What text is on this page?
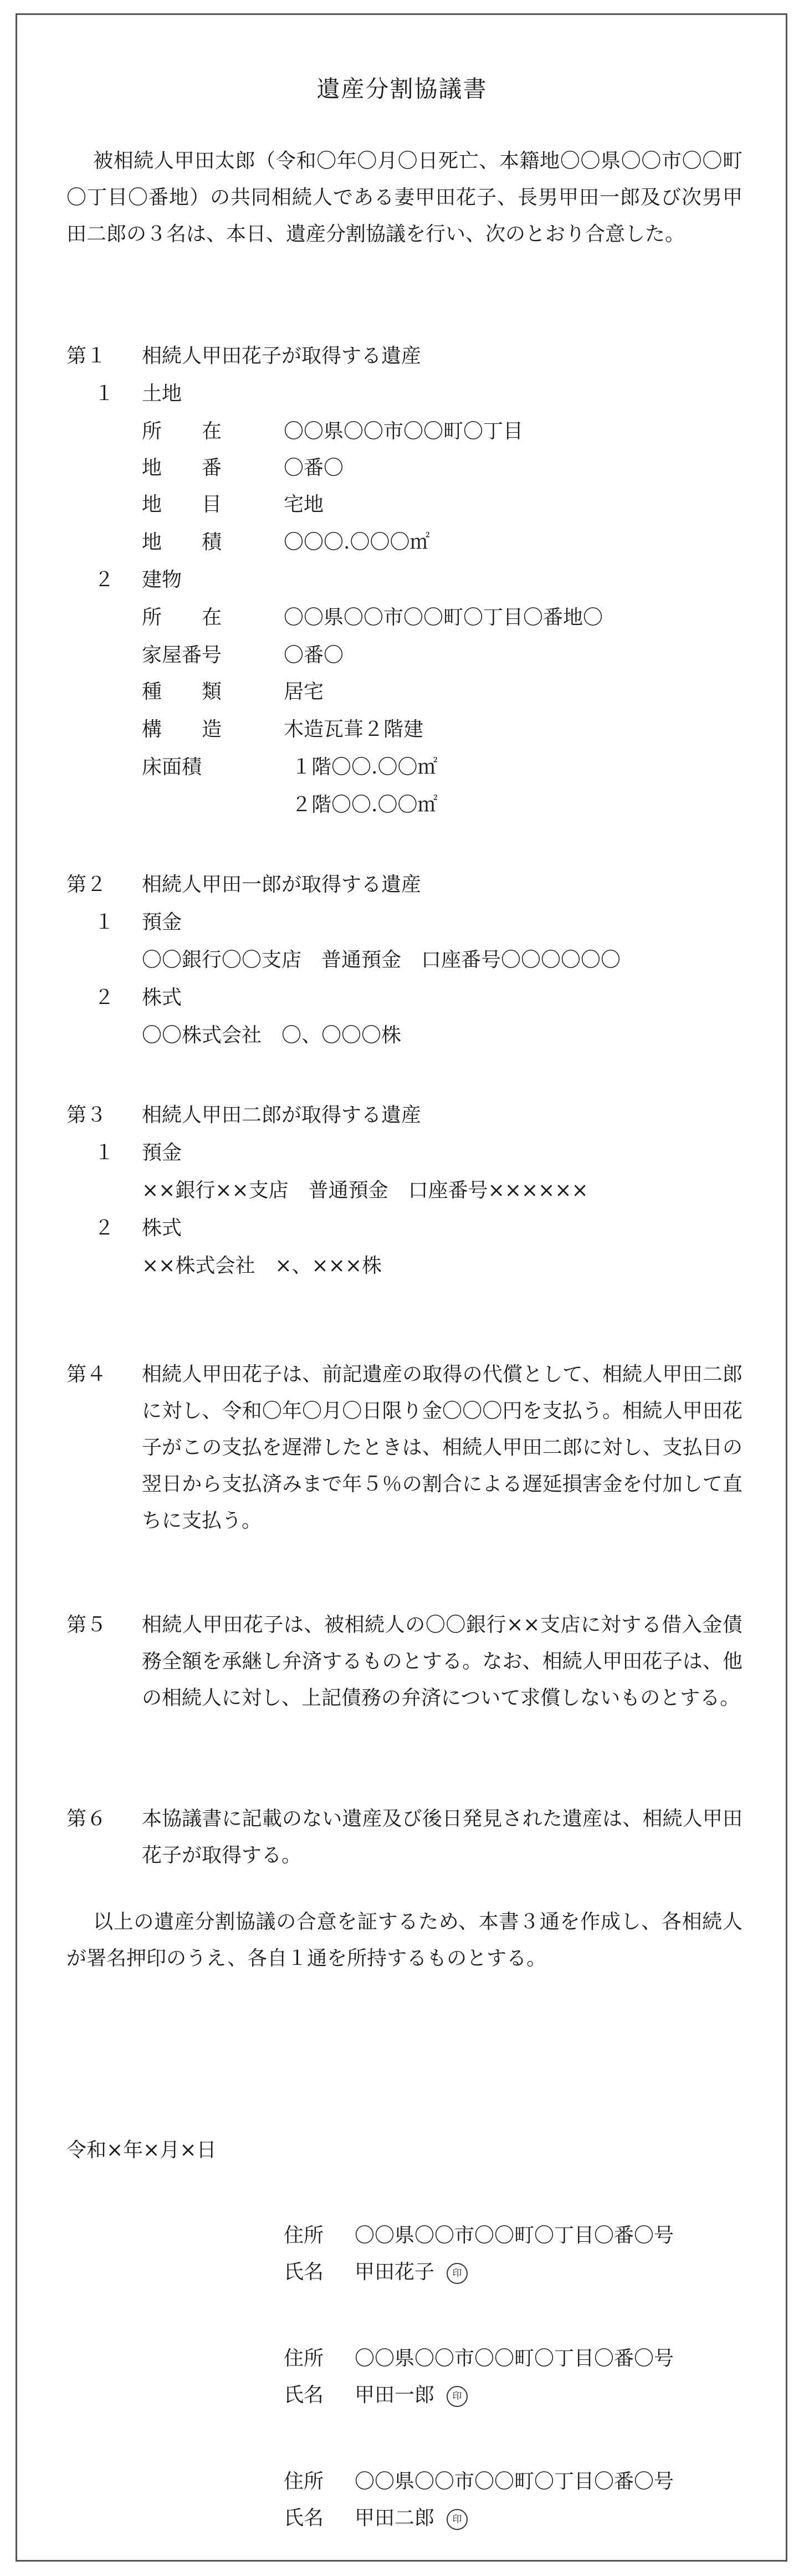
遺産分割協議書

被相続人甲田太郎（令和〇年〇月〇日死亡、本籍地〇〇県〇〇市〇〇町〇丁目〇番地）の共同相続人である妻甲田花子、長男甲田一郎及び次男甲田二郎の３名は、本日、遺産分割協議を行い、次のとおり合意した。

第１ 相続人甲田花子が取得する遺産
１ 土地
所　　在	〇〇県〇〇市〇〇町〇丁目
地　　番	〇番〇
地　　目	宅地
地　　積	〇〇〇.〇〇〇㎡
２ 建物
所　　在	〇〇県〇〇市〇〇町〇丁目〇番地〇
家屋番号	〇番〇
種　　類	居宅
構　　造	木造瓦葺２階建
床面積	１階〇〇.〇〇㎡
２階〇〇.〇〇㎡
第２ 相続人甲田一郎が取得する遺産
１ 預金
〇〇銀行〇〇支店　普通預金　口座番号〇〇〇〇〇〇
２ 株式
〇〇株式会社　〇、〇〇〇株
第３ 相続人甲田二郎が取得する遺産
１ 預金
××銀行××支店　普通預金　口座番号××××××
２ 株式
××株式会社　×、×××株
第４ 相続人甲田花子は、前記遺産の取得の代償として、相続人甲田二郎に対し、令和〇年〇月〇日限り金〇〇〇円を支払う。相続人甲田花子がこの支払を遅滞したときは、相続人甲田二郎に対し、支払日の翌日から支払済みまで年５％の割合による遅延損害金を付加して直ちに支払う。

第５ 相続人甲田花子は、被相続人の〇〇銀行××支店に対する借入金債務全額を承継し弁済するものとする。なお、相続人甲田花子は、他の相続人に対し、上記債務の弁済について求償しないものとする。

第６ 本協議書に記載のない遺産及び後日発見された遺産は、相続人甲田花子が取得する。

以上の遺産分割協議の合意を証するため、本書３通を作成し、各相続人が署名押印のうえ、各自１通を所持するものとする。

令和×年×月×日
住所 〇〇県〇〇市〇〇町〇丁目〇番〇号
氏名 甲田花子 印
住所 〇〇県〇〇市〇〇町〇丁目〇番〇号
氏名 甲田一郎 印
住所 〇〇県〇〇市〇〇町〇丁目〇番〇号
氏名 甲田二郎 印
